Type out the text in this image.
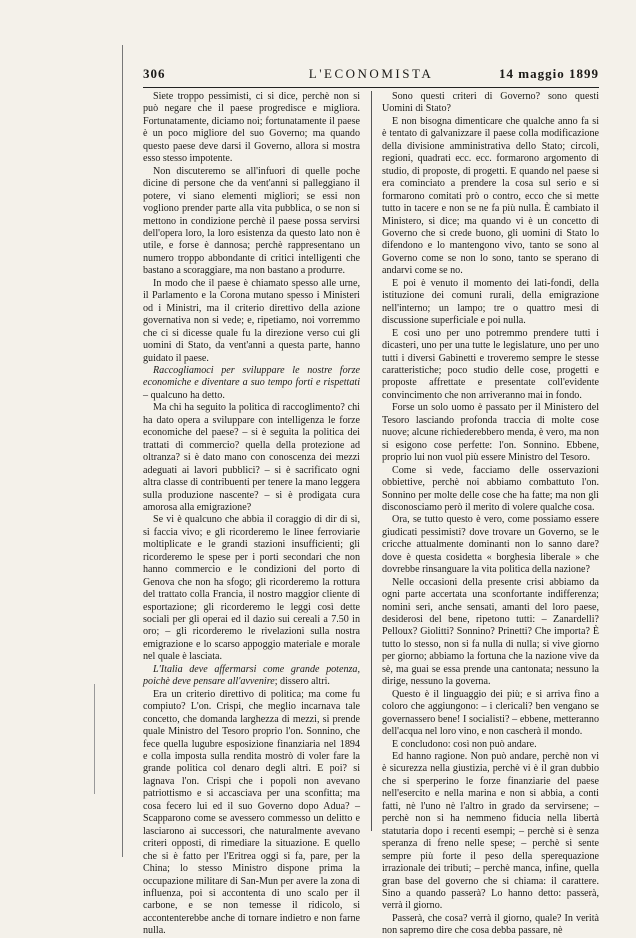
306	L'ECONOMISTA	14 maggio 1899

Siete troppo pessimisti, ci si dice, perchè non si può negare che il paese progredisce e migliora. Fortunatamente, diciamo noi; fortunatamente il paese è un poco migliore del suo Governo; ma quando questo paese deve darsi il Governo, allora si mostra esso stesso impotente.

Non discuteremo se all'infuori di quelle poche dicine di persone che da vent'anni si palleggiano il potere, vi siano elementi migliori; se essi non vogliono prender parte alla vita pubblica, o se non si mettono in condizione perchè il paese possa servirsi dell'opera loro, la loro esistenza da questo lato non è utile, e forse è dannosa; perchè rappresentano un numero troppo abbondante di critici intelligenti che bastano a scoraggiare, ma non bastano a produrre.

In modo che il paese è chiamato spesso alle urne, il Parlamento e la Corona mutano spesso i Ministeri od i Ministri, ma il criterio direttivo della azione governativa non si vede; e, ripetiamo, noi vorremmo che ci si dicesse quale fu la direzione verso cui gli uomini di Stato, da vent'anni a questa parte, hanno guidato il paese.

Raccogliamoci per sviluppare le nostre forze economiche e diventare a suo tempo forti e rispettati – qualcuno ha detto.

Ma chi ha seguito la politica di raccoglimento? chi ha dato opera a sviluppare con intelligenza le forze economiche del paese? – si è seguita la politica dei trattati di commercio? quella della protezione ad oltranza? si è dato mano con conoscenza dei mezzi adeguati ai lavori pubblici? – si è sacrificato ogni altra classe di contribuenti per tenere la mano leggera sulla produzione nascente? – si è prodigata cura amorosa alla emigrazione?

Se vi è qualcuno che abbia il coraggio di dir di sì, si faccia vivo; e gli ricorderemo le linee ferroviarie moltiplicate e le grandi stazioni insufficienti; gli ricorderemo le spese per i porti secondari che non hanno commercio e le condizioni del porto di Genova che non ha sfogo; gli ricorderemo la rottura del trattato colla Francia, il nostro maggior cliente di esportazione; gli ricorderemo le leggi così dette sociali per gli operai ed il dazio sui cereali a 7.50 in oro; – gli ricorderemo le rivelazioni sulla nostra emigrazione e lo scarso appoggio materiale e morale nel quale è lasciata.

L'Italia deve affermarsi come grande potenza, poichè deve pensare all'avvenire; dissero altri.

Era un criterio direttivo di politica; ma come fu compiuto? L'on. Crispi, che meglio incarnava tale concetto, che domanda larghezza di mezzi, si prende quale Ministro del Tesoro proprio l'on. Sonnino, che fece quella lugubre esposizione finanziaria nel 1894 e colla imposta sulla rendita mostrò di voler fare la grande politica col denaro degli altri. E poi? si lagnava l'on. Crispi che i popoli non avevano patriottismo e si accasciava per una sconfitta; ma cosa fecero lui ed il suo Governo dopo Adua? – Scapparono come se avessero commesso un delitto e lasciarono ai successori, che naturalmente avevano criteri opposti, di rimediare la situazione. E quello che si è fatto per l'Eritrea oggi si fa, pare, per la China; lo stesso Ministro dispone prima la occupazione militare di San-Mun per avere la zona di influenza, poi si accontenta di uno scalo per il carbone, e se non temesse il ridicolo, si accontenterebbe anche di tornare indietro e non farne nulla.

Sono questi criteri di Governo? sono questi Uomini di Stato?

E non bisogna dimenticare che qualche anno fa si è tentato di galvanizzare il paese colla modificazione della divisione amministrativa dello Stato; circoli, regioni, quadrati ecc. ecc. formarono argomento di studio, di proposte, di progetti. E quando nel paese si era cominciato a prendere la cosa sul serio e si formarono comitati prò o contro, ecco che si mette tutto in tacere e non se ne fa più nulla. È cambiato il Ministero, si dice; ma quando vi è un concetto di Governo che si crede buono, gli uomini di Stato lo difendono e lo mantengono vivo, tanto se sono al Governo come se non lo sono, tanto se sperano di andarvi come se no.

E poi è venuto il momento dei lati-fondi, della istituzione dei comuni rurali, della emigrazione nell'interno; un lampo; tre o quattro mesi di discussione superficiale e poi nulla.

E così uno per uno potremmo prendere tutti i dicasteri, uno per una tutte le legislature, uno per uno tutti i diversi Gabinetti e troveremo sempre le stesse caratteristiche; poco studio delle cose, progetti e proposte affrettate e presentate coll'evidente convincimento che non arriveranno mai in fondo.

Forse un solo uomo è passato per il Ministero del Tesoro lasciando profonda traccia di molte cose nuove; alcune richiederebbero menda, è vero, ma non si esigono cose perfette: l'on. Sonnino. Ebbene, proprio lui non vuol più essere Ministro del Tesoro.

Come si vede, facciamo delle osservazioni obbiettive, perchè noi abbiamo combattuto l'on. Sonnino per molte delle cose che ha fatte; ma non gli disconosciamo però il merito di volere qualche cosa.

Ora, se tutto questo è vero, come possiamo essere giudicati pessimisti? dove trovare un Governo, se le cricche attualmente dominanti non lo sanno dare? dove è questa cosidetta « borghesia liberale » che dovrebbe rinsanguare la vita politica della nazione?

Nelle occasioni della presente crisi abbiamo da ogni parte accertata una sconfortante indifferenza; nomini seri, anche sensati, amanti del loro paese, desiderosi del bene, ripetono tutti: – Zanardelli? Pelloux? Giolitti? Sonnino? Prinetti? Che importa? È tutto lo stesso, non si fa nulla di nulla; si vive giorno per giorno; abbiamo la fortuna che la nazione vive da sè, ma guai se essa prende una cantonata; nessuno la dirige, nessuno la governa.

Questo è il linguaggio dei più; e si arriva fino a coloro che aggiungono: – i clericali? ben vengano se governassero bene! I socialisti? – ebbene, metteranno dell'acqua nel loro vino, e non cascherà il mondo.

E concludono: così non può andare.

Ed hanno ragione. Non può andare, perchè non vi è sicurezza nella giustizia, perchè vi è il gran dubbio che si sperperino le forze finanziarie del paese nell'esercito e nella marina e non si abbia, a conti fatti, nè l'uno nè l'altro in grado da servirsene; – perchè non si ha nemmeno fiducia nella libertà statutaria dopo i recenti esempi; – perchè si è senza speranza di freno nelle spese; – perchè si sente sempre più forte il peso della sperequazione irrazionale dei tributi; – perchè manca, infine, quella gran base del governo che si chiama: il carattere. Sino a quando passerà? Lo hanno detto: passerà, verrà il giorno.

Passerà, che cosa? verrà il giorno, quale? In verità non sapremo dire che cosa debba passare, nè
